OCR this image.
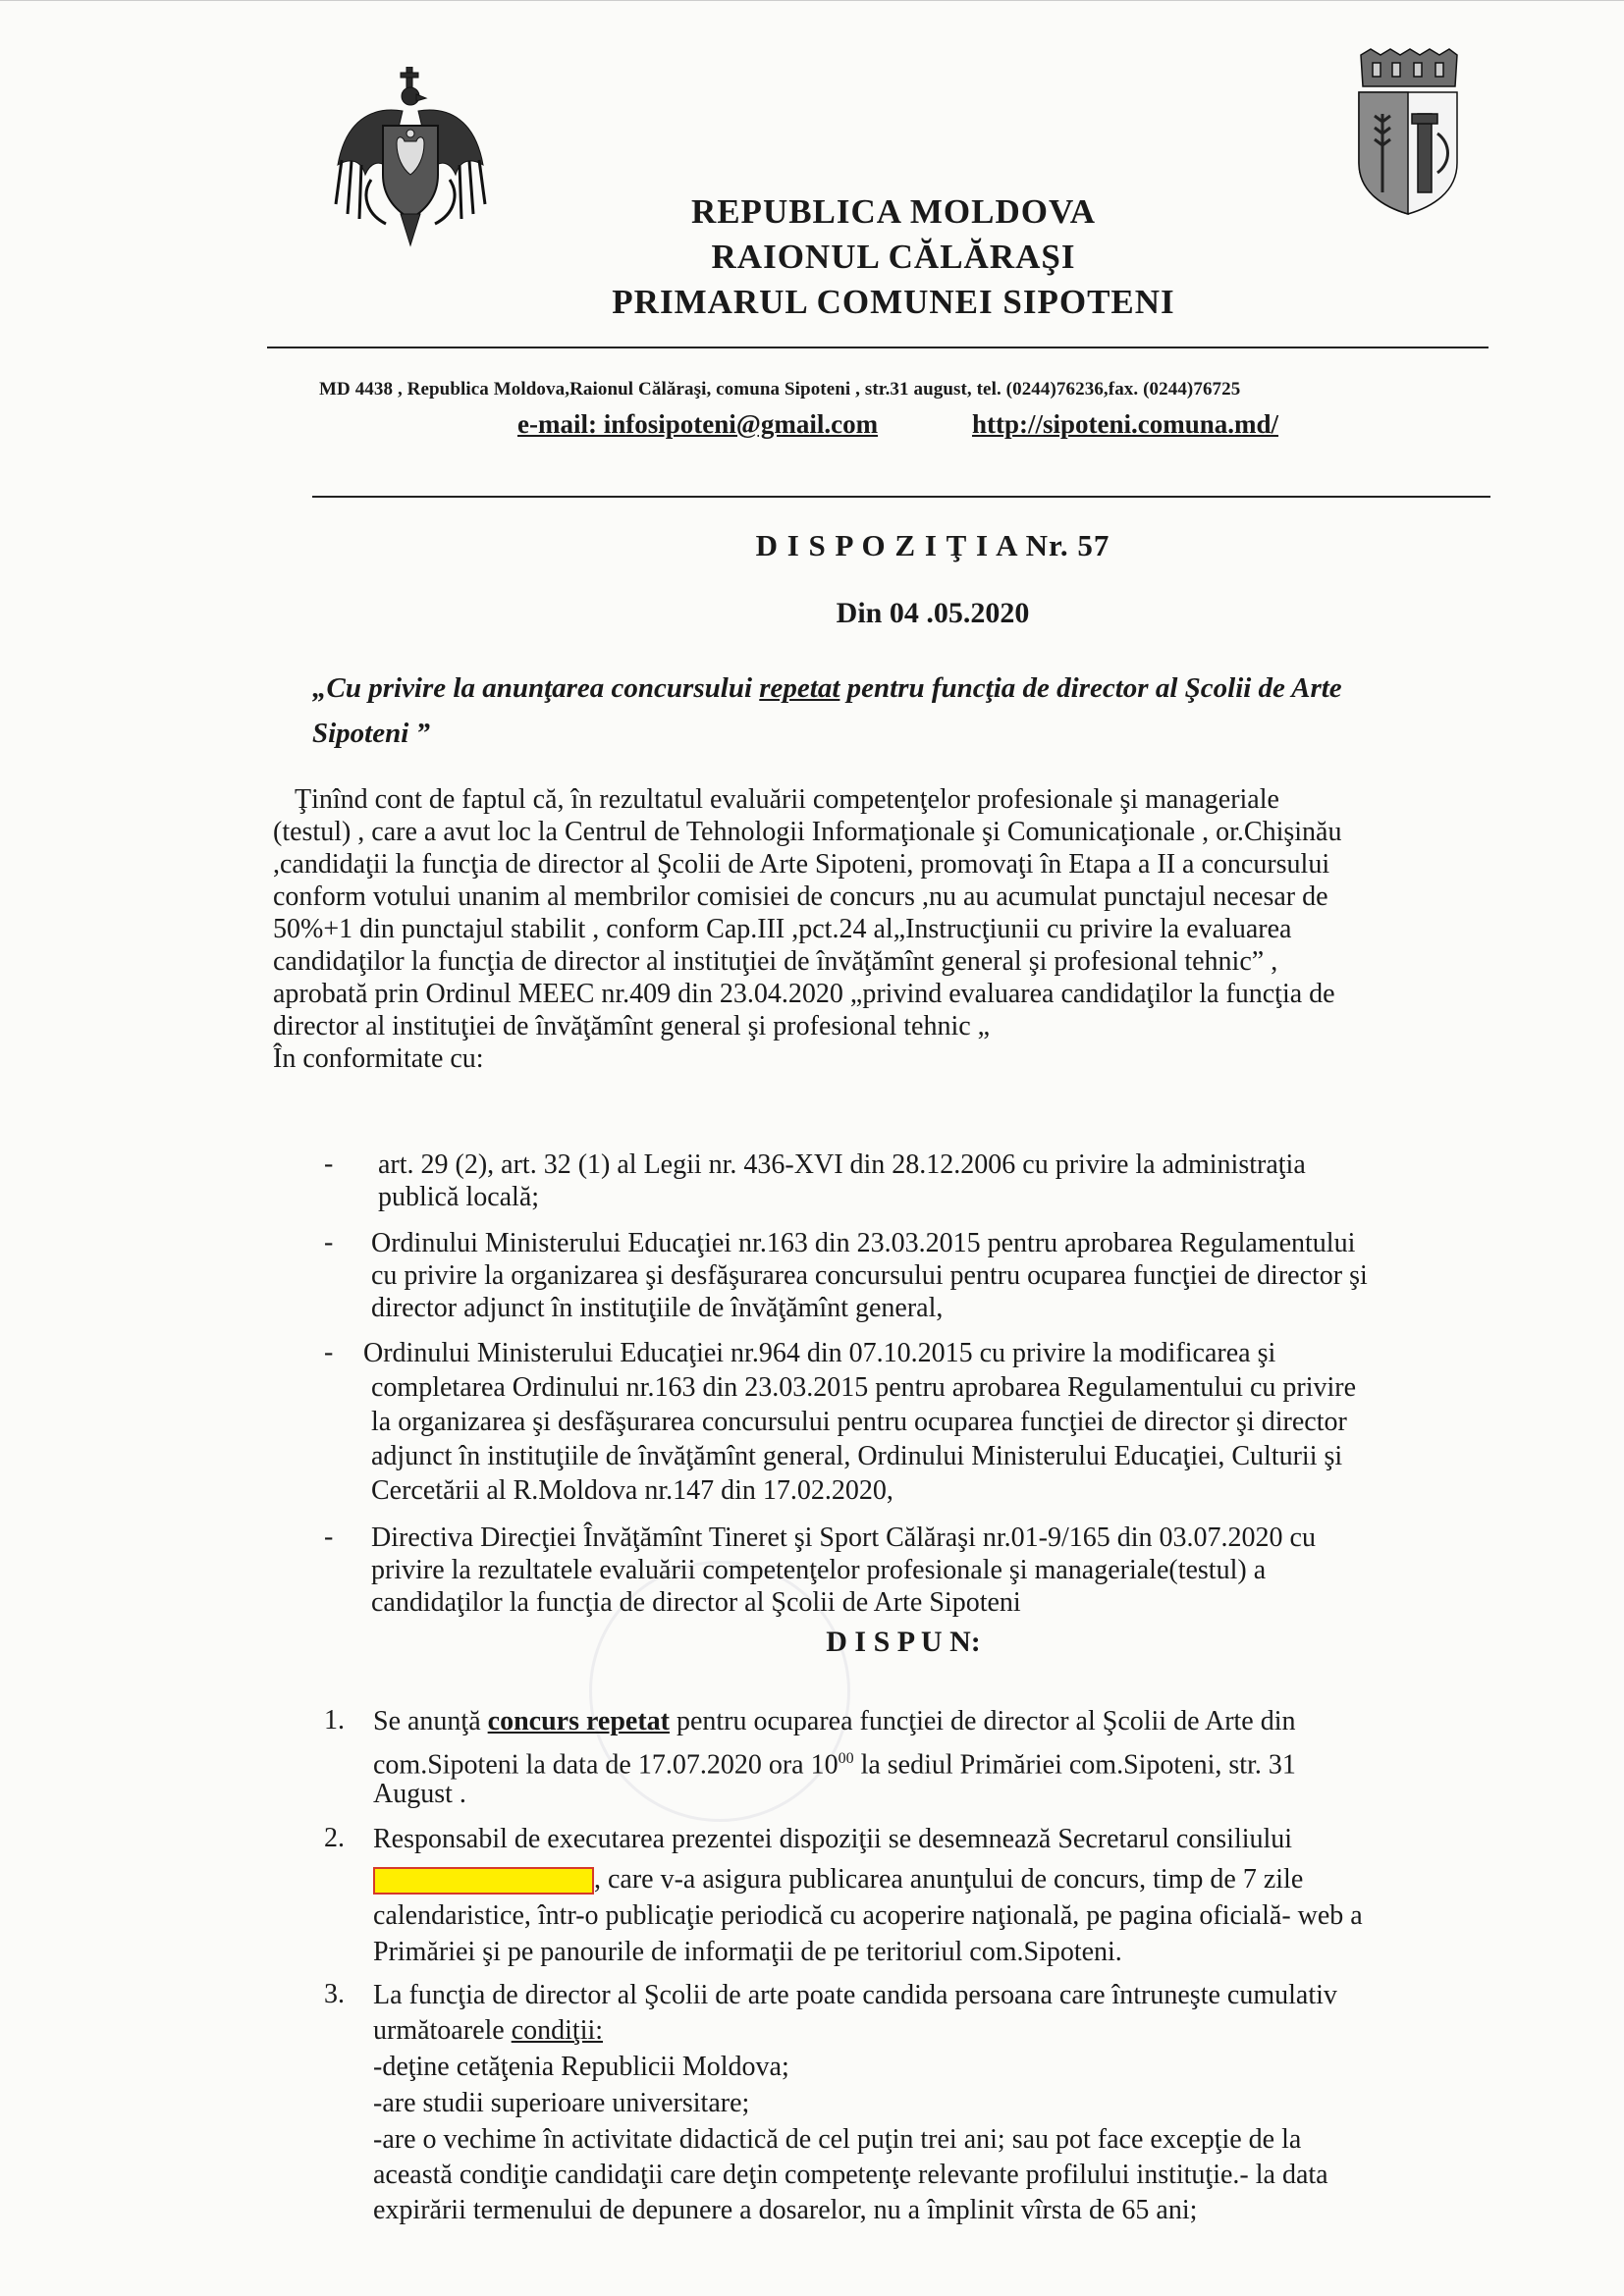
REPUBLICA MOLDOVA
RAIONUL CĂLĂRAŞI
PRIMARUL COMUNEI SIPOTENI
MD 4438 , Republica Moldova,Raionul Călăraşi, comuna Sipoteni , str.31 august, tel. (0244)76236,fax. (0244)76725
e-mail: infosipoteni@gmail.com	http://sipoteni.comuna.md/
D I S P O Z I Ţ I A Nr. 57
Din 04 .05.2020
„Cu privire la anunţarea concursului repetat pentru funcţia de director al Şcolii de Arte
Sipoteni ”
Ţinînd cont de faptul că, în rezultatul evaluării competenţelor profesionale şi manageriale
(testul) , care a avut loc la Centrul de Tehnologii Informaţionale şi Comunicaţionale , or.Chişinău
,candidaţii la funcţia de director al Şcolii de Arte Sipoteni, promovaţi în Etapa a II a concursului
conform votului unanim al membrilor comisiei de concurs ,nu au acumulat punctajul necesar de
50%+1 din punctajul stabilit , conform Cap.III ,pct.24 al„Instrucţiunii cu privire la evaluarea
candidaţilor la funcţia de director al instituţiei de învăţămînt general şi profesional tehnic” ,
aprobată prin Ordinul MEEC nr.409 din 23.04.2020 „privind evaluarea candidaţilor la funcţia de
director al instituţiei de învăţămînt general şi profesional tehnic „
În conformitate cu:
- art. 29 (2), art. 32 (1) al Legii nr. 436-XVI din 28.12.2006 cu privire la administraţia
publică locală;
- Ordinului Ministerului Educaţiei nr.163 din 23.03.2015 pentru aprobarea Regulamentului
cu privire la organizarea şi desfăşurarea concursului pentru ocuparea funcţiei de director şi
director adjunct în instituţiile de învăţămînt general,
- Ordinului Ministerului Educaţiei nr.964 din 07.10.2015 cu privire la modificarea şi
completarea Ordinului nr.163 din 23.03.2015 pentru aprobarea Regulamentului cu privire
la organizarea şi desfăşurarea concursului pentru ocuparea funcţiei de director şi director
adjunct în instituţiile de învăţămînt general, Ordinului Ministerului Educaţiei, Culturii şi
Cercetării al R.Moldova nr.147 din 17.02.2020,
- Directiva Direcţiei Învăţămînt Tineret şi Sport Călăraşi nr.01-9/165 din 03.07.2020 cu
privire la rezultatele evaluării competenţelor profesionale şi manageriale(testul) a
candidaţilor la funcţia de director al Şcolii de Arte Sipoteni
D I S P U N:
1. Se anunţă concurs repetat pentru ocuparea funcţiei de director al Şcolii de Arte din
com.Sipoteni la data de 17.07.2020 ora $10^{00}$ la sediul Primăriei com.Sipoteni, str. 31
August .
2. Responsabil de executarea prezentei dispoziţii se desemnează Secretarul consiliului
, care v-a asigura publicarea anunţului de concurs, timp de 7 zile
calendaristice, într-o publicaţie periodică cu acoperire naţională, pe pagina oficială- web a
Primăriei şi pe panourile de informaţii de pe teritoriul com.Sipoteni.
3. La funcţia de director al Şcolii de arte poate candida persoana care întruneşte cumulativ
următoarele condiţii:
-deţine cetăţenia Republicii Moldova;
-are studii superioare universitare;
-are o vechime în activitate didactică de cel puţin trei ani; sau pot face excepţie de la
această condiţie candidaţii care deţin competenţe relevante profilului instituţie.- la data
expirării termenului de depunere a dosarelor, nu a împlinit vîrsta de 65 ani;
